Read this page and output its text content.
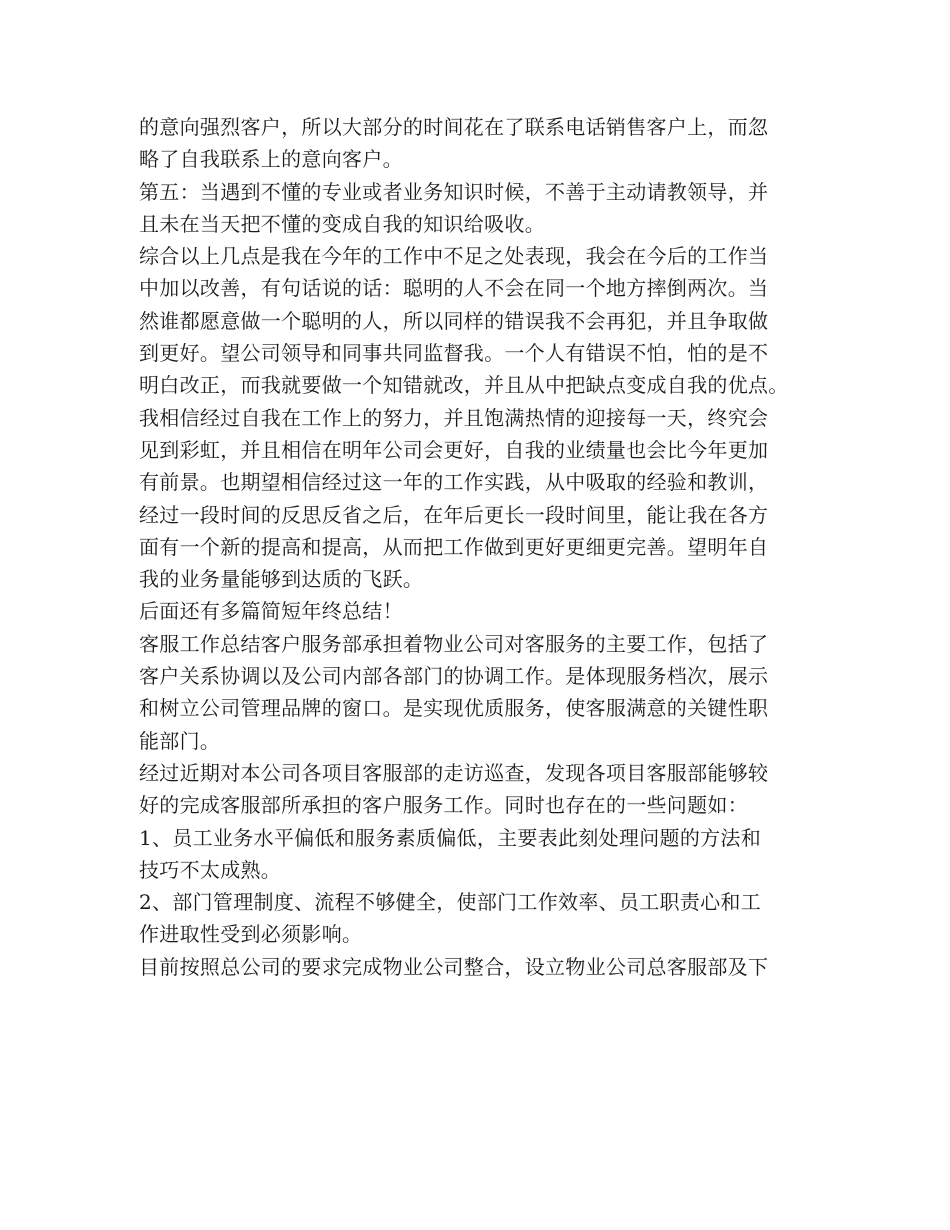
的意向强烈客户，所以大部分的时间花在了联系电话销售客户上，而忽
略了自我联系上的意向客户。
第五：当遇到不懂的专业或者业务知识时候，不善于主动请教领导，并
且未在当天把不懂的变成自我的知识给吸收。
综合以上几点是我在今年的工作中不足之处表现，我会在今后的工作当
中加以改善，有句话说的话：聪明的人不会在同一个地方摔倒两次。当
然谁都愿意做一个聪明的人，所以同样的错误我不会再犯，并且争取做
到更好。望公司领导和同事共同监督我。一个人有错误不怕，怕的是不
明白改正，而我就要做一个知错就改，并且从中把缺点变成自我的优点。
我相信经过自我在工作上的努力，并且饱满热情的迎接每一天，终究会
见到彩虹，并且相信在明年公司会更好，自我的业绩量也会比今年更加
有前景。也期望相信经过这一年的工作实践，从中吸取的经验和教训，
经过一段时间的反思反省之后，在年后更长一段时间里，能让我在各方
面有一个新的提高和提高，从而把工作做到更好更细更完善。望明年自
我的业务量能够到达质的飞跃。
后面还有多篇简短年终总结！
客服工作总结客户服务部承担着物业公司对客服务的主要工作，包括了
客户关系协调以及公司内部各部门的协调工作。是体现服务档次，展示
和树立公司管理品牌的窗口。是实现优质服务，使客服满意的关键性职
能部门。
经过近期对本公司各项目客服部的走访巡查，发现各项目客服部能够较
好的完成客服部所承担的客户服务工作。同时也存在的一些问题如：
1、员工业务水平偏低和服务素质偏低，主要表此刻处理问题的方法和
技巧不太成熟。
2、部门管理制度、流程不够健全，使部门工作效率、员工职责心和工
作进取性受到必须影响。
目前按照总公司的要求完成物业公司整合，设立物业公司总客服部及下
